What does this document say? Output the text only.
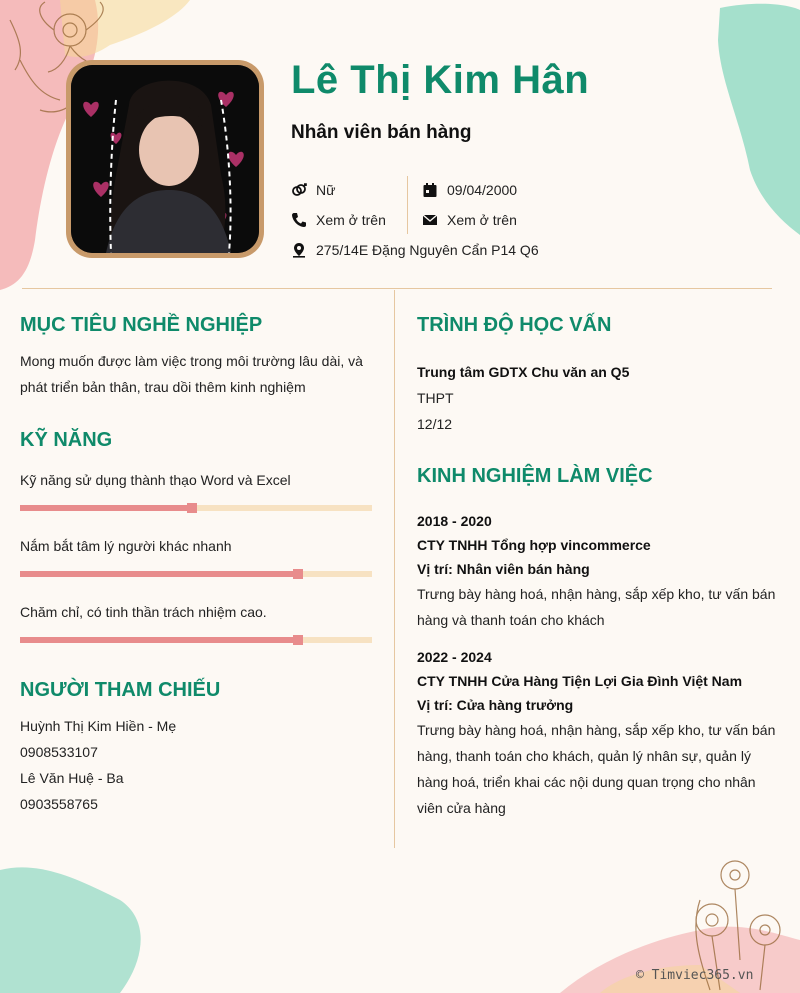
Lê Thị Kim Hân
Nhân viên bán hàng
Nữ
Xem ở trên
275/14E Đặng Nguyên Cẩn P14 Q6
09/04/2000
Xem ở trên
MỤC TIÊU NGHỀ NGHIỆP
Mong muốn được làm việc trong môi trường lâu dài, và
phát triển bản thân, trau dồi thêm kinh nghiệm
KỸ NĂNG
Kỹ năng sử dụng thành thạo Word và Excel
Nắm bắt tâm lý người khác nhanh
Chăm chỉ, có tinh thần trách nhiệm cao.
NGƯỜI THAM CHIẾU
Huỳnh Thị Kim Hiền - Mẹ
0908533107
Lê Văn Huệ - Ba
0903558765
TRÌNH ĐỘ HỌC VẤN
Trung tâm GDTX Chu văn an Q5
THPT
12/12
KINH NGHIỆM LÀM VIỆC
2018 - 2020
CTY TNHH Tổng hợp vincommerce
Vị trí: Nhân viên bán hàng
Trưng bày hàng hoá, nhận hàng, sắp xếp kho, tư vấn bán
hàng và thanh toán cho khách
2022 - 2024
CTY TNHH Cửa Hàng Tiện Lợi Gia Đình Việt Nam
Vị trí: Cửa hàng trưởng
Trưng bày hàng hoá, nhận hàng, sắp xếp kho, tư vấn bán
hàng, thanh toán cho khách, quản lý nhân sự, quản lý
hàng hoá, triển khai các nội dung quan trọng cho nhân
viên cửa hàng
© Timviec365.vn
